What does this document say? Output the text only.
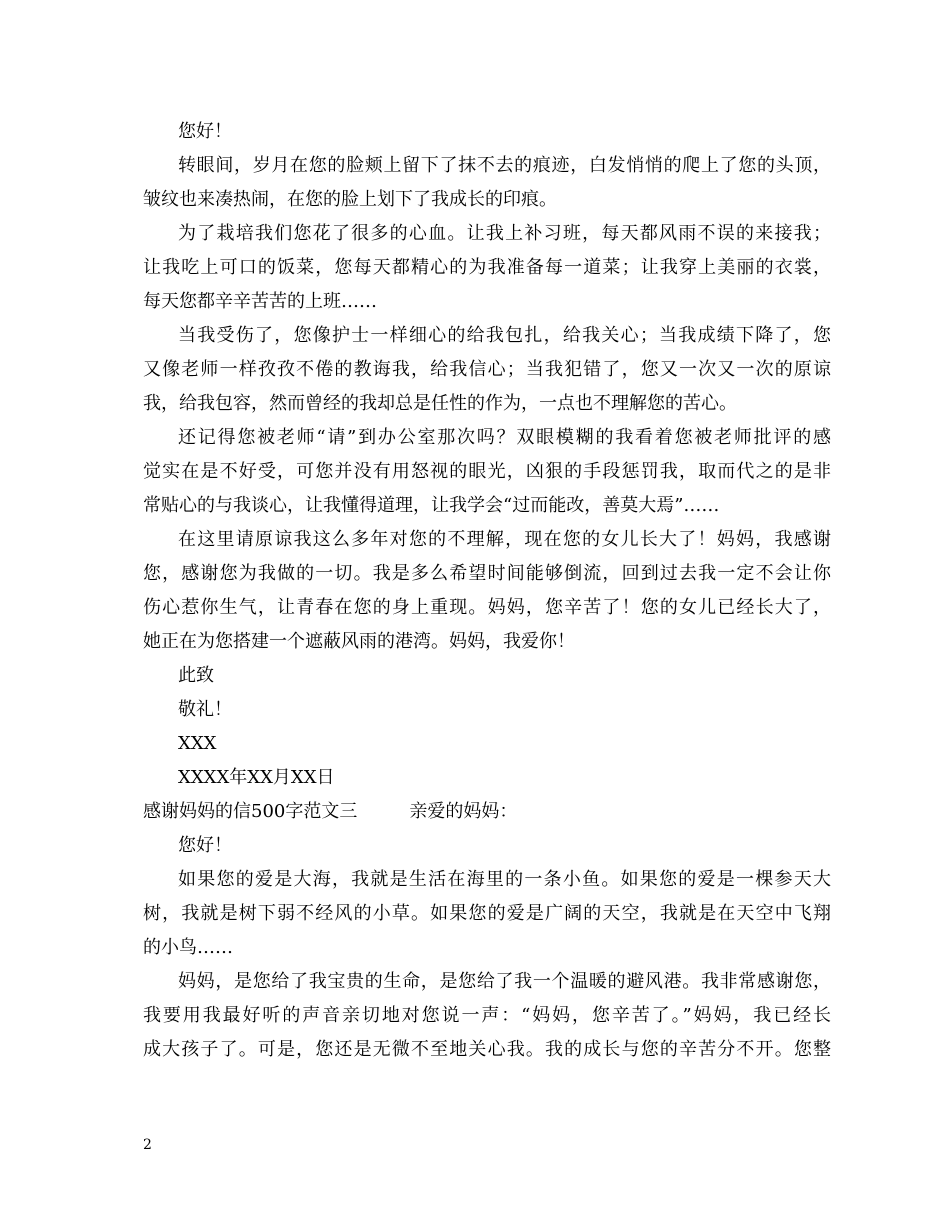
您好！
转眼间，岁月在您的脸颊上留下了抹不去的痕迹，白发悄悄的爬上了您的头顶，
皱纹也来凑热闹，在您的脸上划下了我成长的印痕。
为了栽培我们您花了很多的心血。让我上补习班，每天都风雨不误的来接我；
让我吃上可口的饭菜，您每天都精心的为我准备每一道菜；让我穿上美丽的衣裳，
每天您都辛辛苦苦的上班……
当我受伤了，您像护士一样细心的给我包扎，给我关心；当我成绩下降了，您
又像老师一样孜孜不倦的教诲我，给我信心；当我犯错了，您又一次又一次的原谅
我，给我包容，然而曾经的我却总是任性的作为，一点也不理解您的苦心。
还记得您被老师“请”到办公室那次吗？双眼模糊的我看着您被老师批评的感
觉实在是不好受，可您并没有用怒视的眼光，凶狠的手段惩罚我，取而代之的是非
常贴心的与我谈心，让我懂得道理，让我学会“过而能改，善莫大焉”……
在这里请原谅我这么多年对您的不理解，现在您的女儿长大了！妈妈，我感谢
您，感谢您为我做的一切。我是多么希望时间能够倒流，回到过去我一定不会让你
伤心惹你生气，让青春在您的身上重现。妈妈，您辛苦了！您的女儿已经长大了，
她正在为您搭建一个遮蔽风雨的港湾。妈妈，我爱你！
此致
敬礼！
XXX
XXXX年XX月XX日
感谢妈妈的信500字范文三	亲爱的妈妈：
您好！
如果您的爱是大海，我就是生活在海里的一条小鱼。如果您的爱是一棵参天大
树，我就是树下弱不经风的小草。如果您的爱是广阔的天空，我就是在天空中飞翔
的小鸟……
妈妈，是您给了我宝贵的生命，是您给了我一个温暖的避风港。我非常感谢您，
我要用我最好听的声音亲切地对您说一声：“妈妈，您辛苦了。”妈妈，我已经长
成大孩子了。可是，您还是无微不至地关心我。我的成长与您的辛苦分不开。您整
2
